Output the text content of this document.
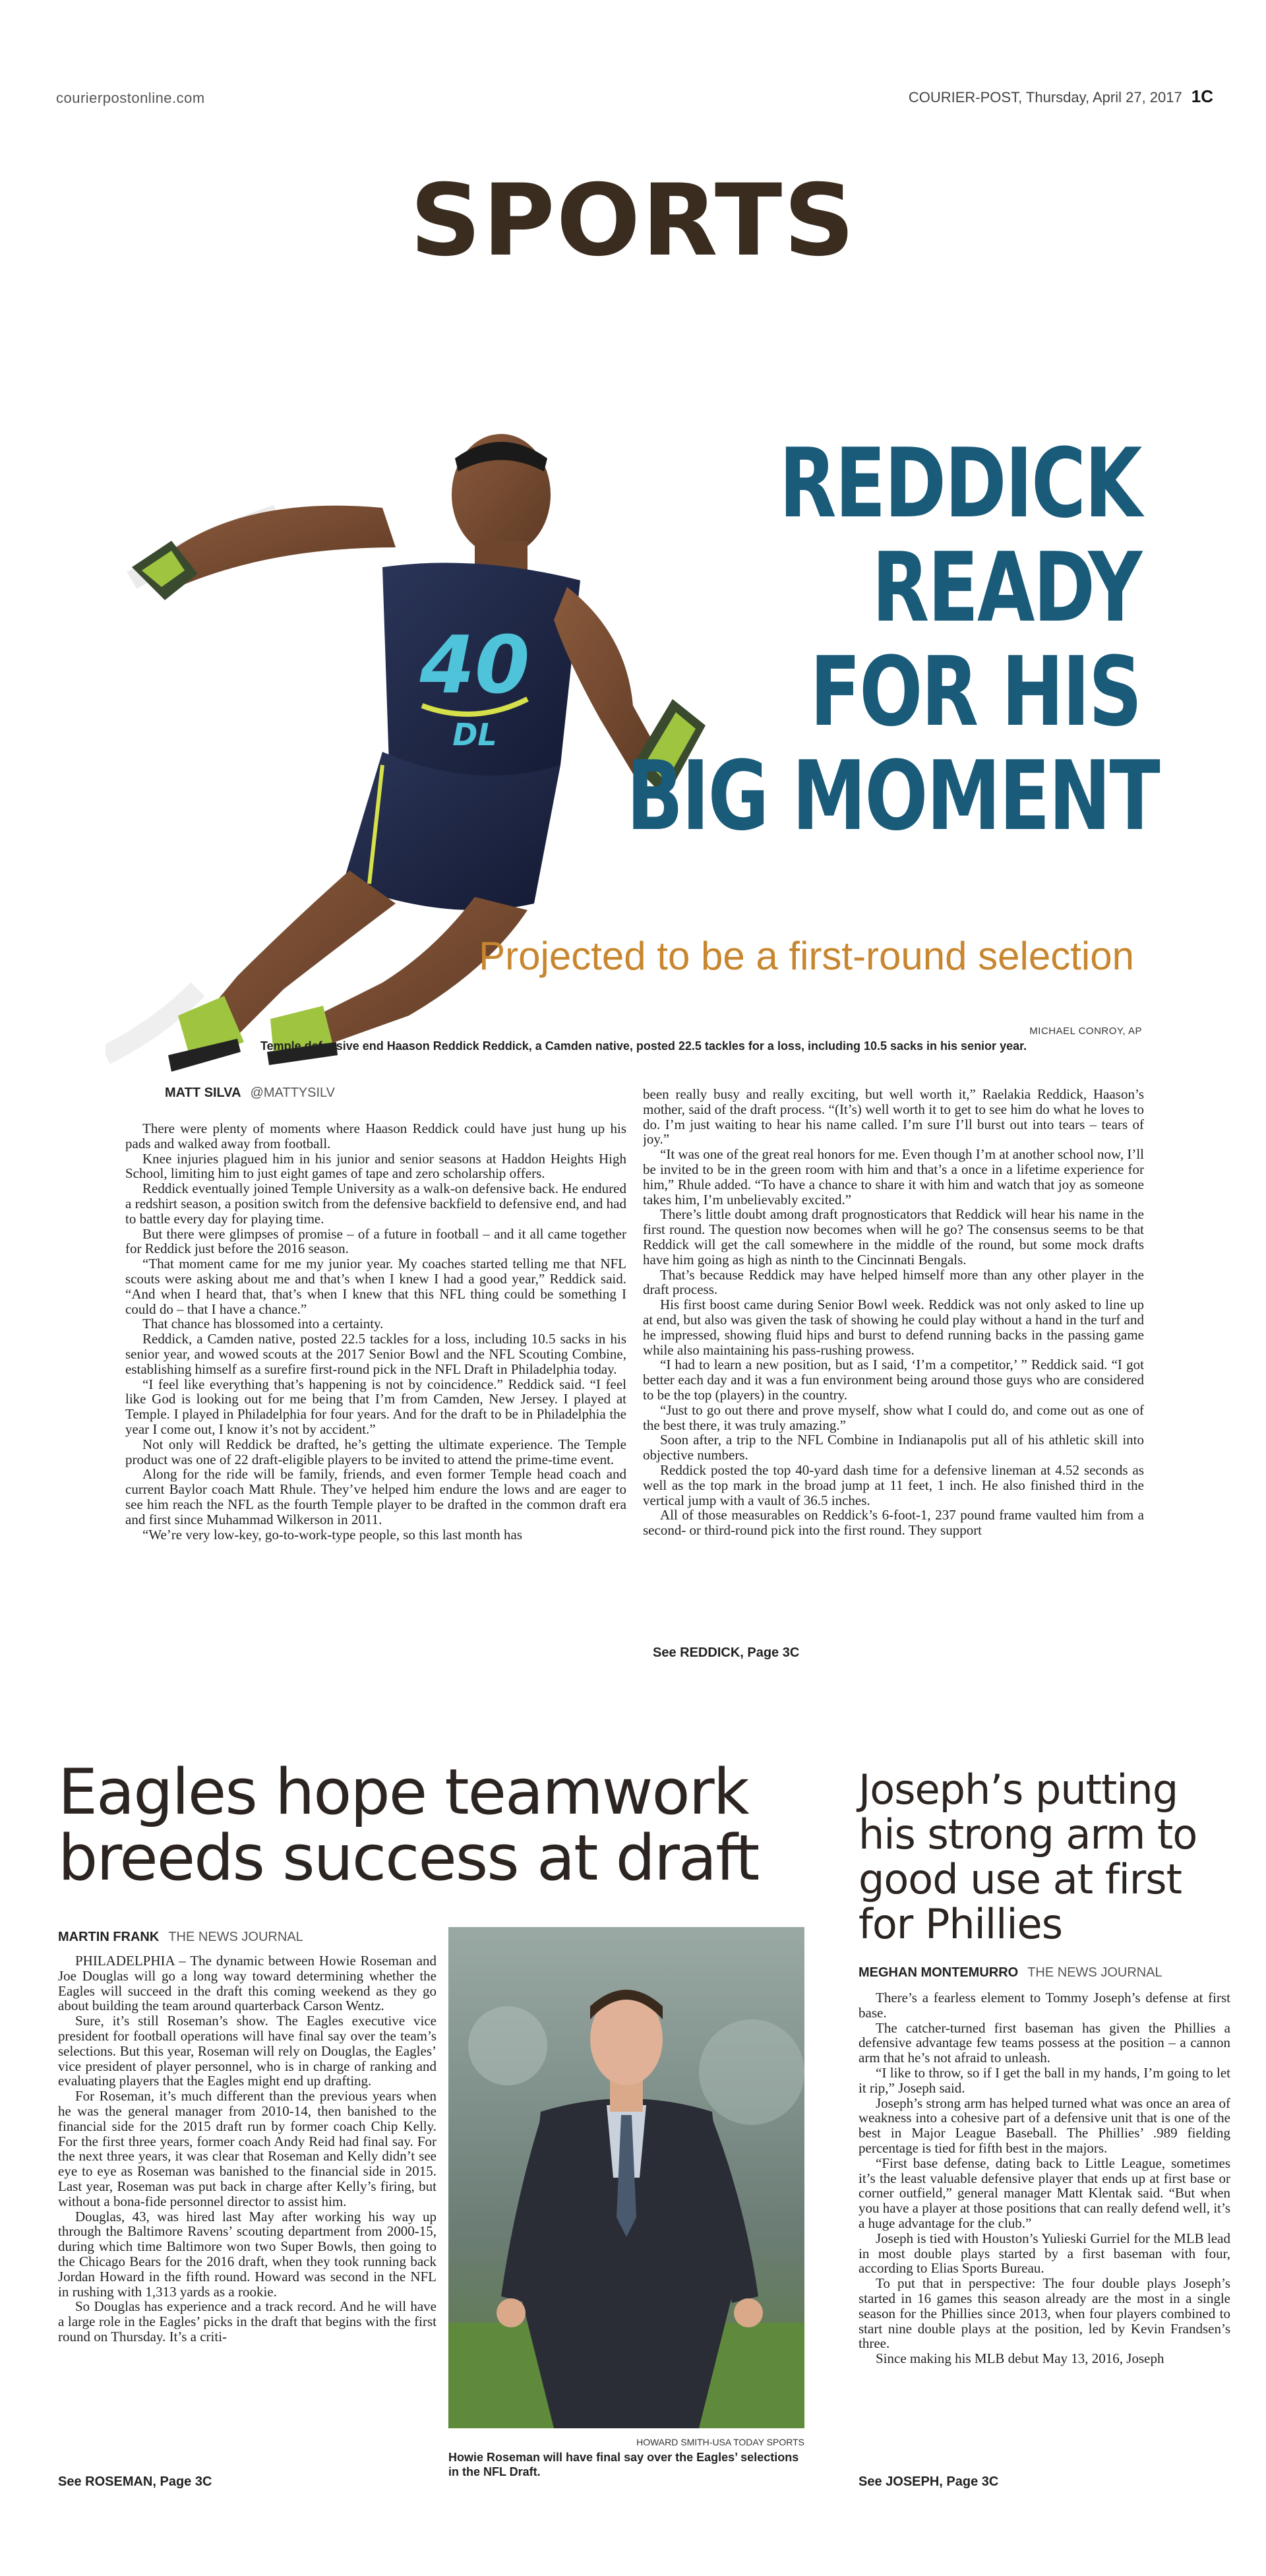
courierpostonline.com	COURIER-POST, Thursday, April 27, 2017 1C
SPORTS
40
DL
REDDICK
READY
FOR HIS
BIG MOMENT
Projected to be a first-round selection
MICHAEL CONROY, AP
Temple defensive end Haason Reddick Reddick, a Camden native, posted 22.5 tackles for a loss, including 10.5 sacks in his senior year.
MATT SILVA @MATTYSILV

There were plenty of moments where Haason Reddick could have just hung up his pads and walked away from football.

Knee injuries plagued him in his junior and senior seasons at Haddon Heights High School, limiting him to just eight games of tape and zero scholarship offers.

Reddick eventually joined Temple University as a walk-on defensive back. He endured a redshirt season, a position switch from the defensive backfield to defensive end, and had to battle every day for playing time.

But there were glimpses of promise – of a future in football – and it all came together for Reddick just before the 2016 season.

“That moment came for me my junior year. My coaches started telling me that NFL scouts were asking about me and that’s when I knew I had a good year,” Reddick said. “And when I heard that, that’s when I knew that this NFL thing could be something I could do – that I have a chance.”

That chance has blossomed into a certainty.

Reddick, a Camden native, posted 22.5 tackles for a loss, including 10.5 sacks in his senior year, and wowed scouts at the 2017 Senior Bowl and the NFL Scouting Combine, establishing himself as a surefire first-round pick in the NFL Draft in Philadelphia today.

“I feel like everything that’s happening is not by coincidence.” Reddick said. “I feel like God is looking out for me being that I’m from Camden, New Jersey. I played at Temple. I played in Philadelphia for four years. And for the draft to be in Philadelphia the year I come out, I know it’s not by accident.”

Not only will Reddick be drafted, he’s getting the ultimate experience. The Temple product was one of 22 draft-eligible players to be invited to attend the prime-time event.

Along for the ride will be family, friends, and even former Temple head coach and current Baylor coach Matt Rhule. They’ve helped him endure the lows and are eager to see him reach the NFL as the fourth Temple player to be drafted in the common draft era and first since Muhammad Wilkerson in 2011.

“We’re very low-key, go-to-work-type people, so this last month has

been really busy and really exciting, but well worth it,” Raelakia Reddick, Haason’s mother, said of the draft process. “(It’s) well worth it to get to see him do what he loves to do. I’m just waiting to hear his name called. I’m sure I’ll burst out into tears – tears of joy.”

“It was one of the great real honors for me. Even though I’m at another school now, I’ll be invited to be in the green room with him and that’s a once in a lifetime experience for him,” Rhule added. “To have a chance to share it with him and watch that joy as someone takes him, I’m unbelievably excited.”

There’s little doubt among draft prognosticators that Reddick will hear his name in the first round. The question now becomes when will he go? The consensus seems to be that Reddick will get the call somewhere in the middle of the round, but some mock drafts have him going as high as ninth to the Cincinnati Bengals.

That’s because Reddick may have helped himself more than any other player in the draft process.

His first boost came during Senior Bowl week. Reddick was not only asked to line up at end, but also was given the task of showing he could play without a hand in the turf and he impressed, showing fluid hips and burst to defend running backs in the passing game while also maintaining his pass-rushing prowess.

“I had to learn a new position, but as I said, ‘I’m a competitor,’ ” Reddick said. “I got better each day and it was a fun environment being around those guys who are considered to be the top (players) in the country.

“Just to go out there and prove myself, show what I could do, and come out as one of the best there, it was truly amazing.”

Soon after, a trip to the NFL Combine in Indianapolis put all of his athletic skill into objective numbers.

Reddick posted the top 40-yard dash time for a defensive lineman at 4.52 seconds as well as the top mark in the broad jump at 11 feet, 1 inch. He also finished third in the vertical jump with a vault of 36.5 inches.

All of those measurables on Reddick’s 6-foot-1, 237 pound frame vaulted him from a second- or third-round pick into the first round. They support

See REDDICK, Page 3C
Eagles hope teamwork breeds success at draft
MARTIN FRANK THE NEWS JOURNAL

PHILADELPHIA – The dynamic between Howie Roseman and Joe Douglas will go a long way toward determining whether the Eagles will succeed in the draft this coming weekend as they go about building the team around quarterback Carson Wentz.

Sure, it’s still Roseman’s show. The Eagles executive vice president for football operations will have final say over the team’s selections. But this year, Roseman will rely on Douglas, the Eagles’ vice president of player personnel, who is in charge of ranking and evaluating players that the Eagles might end up drafting.

For Roseman, it’s much different than the previous years when he was the general manager from 2010-14, then banished to the financial side for the 2015 draft run by former coach Chip Kelly. For the first three years, former coach Andy Reid had final say. For the next three years, it was clear that Roseman and Kelly didn’t see eye to eye as Roseman was banished to the financial side in 2015. Last year, Roseman was put back in charge after Kelly’s firing, but without a bona-fide personnel director to assist him.

Douglas, 43, was hired last May after working his way up through the Baltimore Ravens’ scouting department from 2000-15, during which time Baltimore won two Super Bowls, then going to the Chicago Bears for the 2016 draft, when they took running back Jordan Howard in the fifth round. Howard was second in the NFL in rushing with 1,313 yards as a rookie.

So Douglas has experience and a track record. And he will have a large role in the Eagles’ picks in the draft that begins with the first round on Thursday. It’s a criti-

See ROSEMAN, Page 3C
HOWARD SMITH-USA TODAY SPORTS
Howie Roseman will have final say over the Eagles’ selections in the NFL Draft.
Joseph’s putting his strong arm to good use at first for Phillies
MEGHAN MONTEMURRO THE NEWS JOURNAL

There’s a fearless element to Tommy Joseph’s defense at first base.

The catcher-turned first baseman has given the Phillies a defensive advantage few teams possess at the position – a cannon arm that he’s not afraid to unleash.

“I like to throw, so if I get the ball in my hands, I’m going to let it rip,” Joseph said.

Joseph’s strong arm has helped turned what was once an area of weakness into a cohesive part of a defensive unit that is one of the best in Major League Baseball. The Phillies’ .989 fielding percentage is tied for fifth best in the majors.

“First base defense, dating back to Little League, sometimes it’s the least valuable defensive player that ends up at first base or corner outfield,” general manager Matt Klentak said. “But when you have a player at those positions that can really defend well, it’s a huge advantage for the club.”

Joseph is tied with Houston’s Yulieski Gurriel for the MLB lead in most double plays started by a first baseman with four, according to Elias Sports Bureau.

To put that in perspective: The four double plays Joseph’s started in 16 games this season already are the most in a single season for the Phillies since 2013, when four players combined to start nine double plays at the position, led by Kevin Frandsen’s three.

Since making his MLB debut May 13, 2016, Joseph

See JOSEPH, Page 3C
